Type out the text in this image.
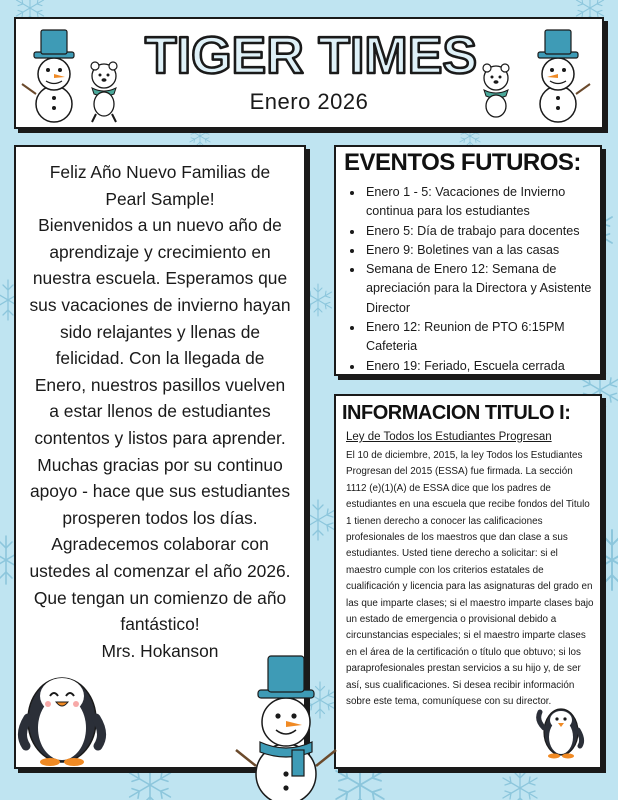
TIGER TIMES
Enero 2026

Feliz Año Nuevo Familias de Pearl Sample!

Bienvenidos a un nuevo año de aprendizaje y crecimiento en nuestra escuela. Esperamos que sus vacaciones de invierno hayan sido relajantes y llenas de felicidad. Con la llegada de Enero, nuestros pasillos vuelven a estar llenos de estudiantes contentos y listos para aprender. Muchas gracias por su continuo apoyo - hace que sus estudiantes prosperen todos los días. Agradecemos colaborar con ustedes al comenzar el año 2026. Que tengan un comienzo de año fantástico!

Mrs. Hokanson

EVENTOS FUTUROS:
• Enero 1 - 5: Vacaciones de Invierno continua para los estudiantes
• Enero 5: Día de trabajo para docentes
• Enero 9: Boletines van a las casas
• Semana de Enero 12: Semana de apreciación para la Directora y Asistente Director
• Enero 12: Reunion de PTO 6:15PM Cafeteria
• Enero 19: Feriado, Escuela cerrada
INFORMACION TITULO I:
Ley de Todos los Estudiantes Progresan

El 10 de diciembre, 2015, la ley Todos los Estudiantes Progresan del 2015 (ESSA) fue firmada. La sección 1112 (e)(1)(A) de ESSA dice que los padres de estudiantes en una escuela que recibe fondos del Titulo 1 tienen derecho a conocer las calificaciones profesionales de los maestros que dan clase a sus estudiantes. Usted tiene derecho a solicitar: si el maestro cumple con los criterios estatales de cualificación y licencia para las asignaturas del grado en las que imparte clases; si el maestro imparte clases bajo un estado de emergencia o provisional debido a circunstancias especiales; si el maestro imparte clases en el área de la certificación o título que obtuvo; si los paraprofesionales prestan servicios a su hijo y, de ser así, sus cualificaciones. Si desea recibir información sobre este tema, comuníquese con su director.
